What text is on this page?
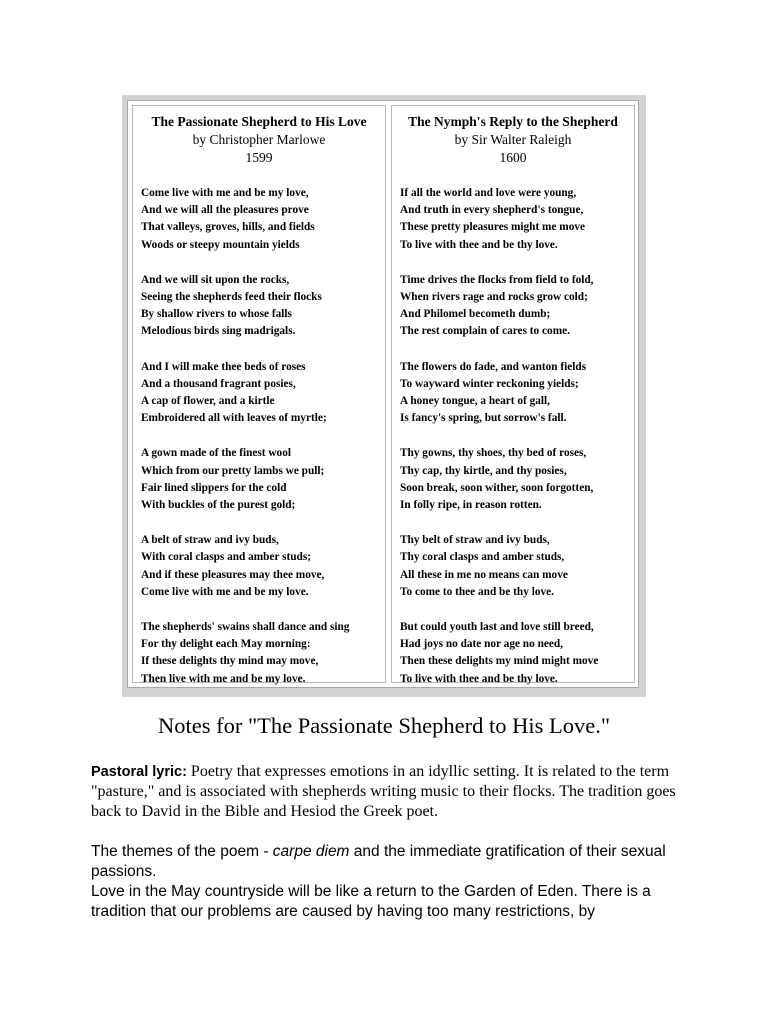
The Passionate Shepherd to His Love
by Christopher Marlowe
1599
Come live with me and be my love,
And we will all the pleasures prove
That valleys, groves, hills, and fields
Woods or steepy mountain yields
And we will sit upon the rocks,
Seeing the shepherds feed their flocks
By shallow rivers to whose falls
Melodious birds sing madrigals.
And I will make thee beds of roses
And a thousand fragrant posies,
A cap of flower, and a kirtle
Embroidered all with leaves of myrtle;
A gown made of the finest wool
Which from our pretty lambs we pull;
Fair lined slippers for the cold
With buckles of the purest gold;
A belt of straw and ivy buds,
With coral clasps and amber studs;
And if these pleasures may thee move,
Come live with me and be my love.
The shepherds' swains shall dance and sing
For thy delight each May morning:
If these delights thy mind may move,
Then live with me and be my love.
The Nymph's Reply to the Shepherd
by Sir Walter Raleigh
1600
If all the world and love were young,
And truth in every shepherd's tongue,
These pretty pleasures might me move
To live with thee and be thy love.
Time drives the flocks from field to fold,
When rivers rage and rocks grow cold;
And Philomel becometh dumb;
The rest complain of cares to come.
The flowers do fade, and wanton fields
To wayward winter reckoning yields;
A honey tongue, a heart of gall,
Is fancy's spring, but sorrow's fall.
Thy gowns, thy shoes, thy bed of roses,
Thy cap, thy kirtle, and thy posies,
Soon break, soon wither, soon forgotten,
In folly ripe, in reason rotten.
Thy belt of straw and ivy buds,
Thy coral clasps and amber studs,
All these in me no means can move
To come to thee and be thy love.
But could youth last and love still breed,
Had joys no date nor age no need,
Then these delights my mind might move
To live with thee and be thy love.
Notes for "The Passionate Shepherd to His Love."
Pastoral lyric: Poetry that expresses emotions in an idyllic setting. It is related to the term "pasture," and is associated with shepherds writing music to their flocks. The tradition goes back to David in the Bible and Hesiod the Greek poet.
The themes of the poem - carpe diem and the immediate gratification of their sexual passions.
Love in the May countryside will be like a return to the Garden of Eden. There is a tradition that our problems are caused by having too many restrictions, by
